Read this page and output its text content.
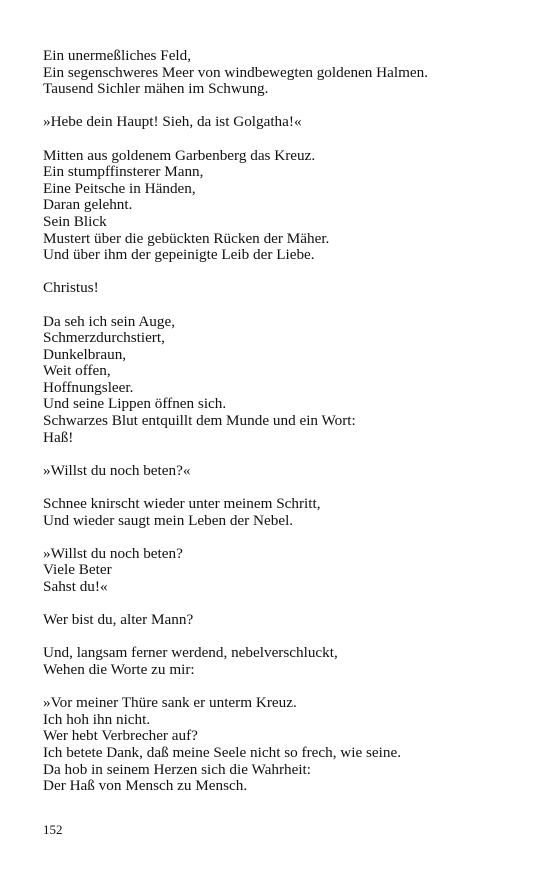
Ein unermeßliches Feld,
Ein segenschweres Meer von windbewegten goldenen Halmen.
Tausend Sichler mähen im Schwung.
»Hebe dein Haupt! Sieh, da ist Golgatha!«
Mitten aus goldenem Garbenberg das Kreuz.
Ein stumpffinsterer Mann,
Eine Peitsche in Händen,
Daran gelehnt.
Sein Blick
Mustert über die gebückten Rücken der Mäher.
Und über ihm der gepeinigte Leib der Liebe.
Christus!
Da seh ich sein Auge,
Schmerzdurchstiert,
Dunkelbraun,
Weit offen,
Hoffnungsleer.
Und seine Lippen öffnen sich.
Schwarzes Blut entquillt dem Munde und ein Wort:
Haß!
»Willst du noch beten?«
Schnee knirscht wieder unter meinem Schritt,
Und wieder saugt mein Leben der Nebel.
»Willst du noch beten?
Viele Beter
Sahst du!«
Wer bist du, alter Mann?
Und, langsam ferner werdend, nebelverschluckt,
Wehen die Worte zu mir:
»Vor meiner Thüre sank er unterm Kreuz.
Ich hoh ihn nicht.
Wer hebt Verbrecher auf?
Ich betete Dank, daß meine Seele nicht so frech, wie seine.
Da hob in seinem Herzen sich die Wahrheit:
Der Haß von Mensch zu Mensch.
152
